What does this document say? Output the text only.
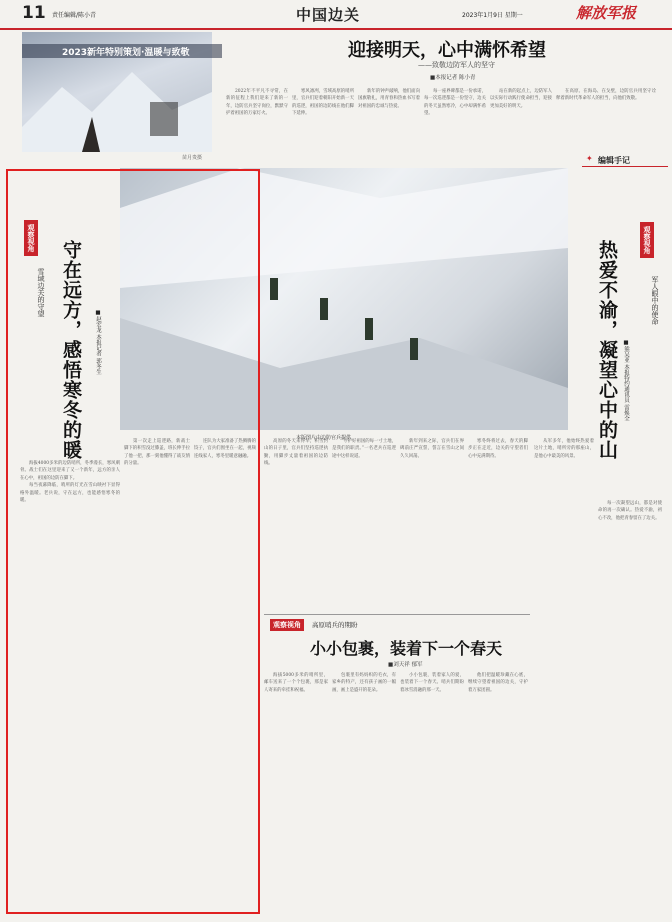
11 责任编辑/陈小青	中国边关	2023年1月9日 星期一	解放军报
2023新年特别策划·温暖与致敬
苗月贵摄
迎接明天，心中满怀希望
——致敬边防军人的坚守
■本报记者 陈小青

2022年不平凡不寻常，在新的征程上我们迎来了新的一年，边防官兵坚守岗位，默默守护着祖国的万家灯火。

寒风凛冽，雪域高原的哨所里，官兵们迎着朝阳开始新一天的巡逻，祖国的边防线在他们脚下延伸。

新年的钟声敲响，他们面向国旗敬礼，用青春和热血书写着对祖国的忠诚与热爱。

每一座界碑都是一份承诺，每一次巡逻都是一份坚守，边关的冬天虽然寒冷，心中却满怀希望。

站在新的起点上，边防军人以实际行动践行使命担当，迎接更加美好的明天。

在高原、在海岛、在戈壁，边防官兵用坚守诠释着新时代革命军人的担当，向他们致敬。

✦ 编辑手记
本版图片由边防官兵提供
观察视角
雪域边关的守望 守在远方，感悟寒冬的暖	■赵宏龙 本报记者 郭冬生

海拔4000多米的边防哨所，冬季漫长，寒风刺骨。战士们在这里迎来了又一个新年，远方的亲人在心中，祖国的边防在脚下。

每当夜幕降临，哨所的灯光在雪山映衬下显得格外温暖。老兵说，守在远方，也能感悟寒冬的暖。

第一次走上巡逻路，新战士脚下的积雪没过膝盖，班长伸手拉了他一把，那一刻他懂得了战友情的分量。

连队为大家准备了热腾腾的饺子，官兵们围坐在一起，视频连线家人，寒冬里暖意融融。

高原的冬天来得早，积雪封山的日子里，官兵们坚持巡逻执勤，用脚步丈量着祖国的边防线。

“守护好祖国的每一寸土地，是我们的职责。”一名老兵在巡逻途中这样说道。

新年到来之际，官兵们在界碑前庄严宣誓，誓言在雪山之间久久回荡。

寒冬终将过去，春天的脚步正在走近，边关的守望者们心中充满期待。

观察视角
军人眼中的使命
热爱不渝，凝望心中的山 ■熊吴亚 本报特约通讯员 雷焕全

从军多年，他始终热爱着这片土地，哨所旁的那座山，是他心中最美的风景。

每一次凝望远山，都是对使命的再一次确认。热爱不渝，初心不改，他把青春留在了边关。

观察视角	高原哨兵的期盼
小小包裹，装着下一个春天
■刘天祥 郁军

海拔5000多米的哨所里，邮车送来了一个个包裹，那是家人寄来的牵挂和祝福。

包裹里有妈妈织的毛衣，有家乡的特产，还有孩子画的一幅画，画上是盛开的花朵。

小小包裹，装着家人的爱，也装着下一个春天。哨兵们期盼着冰雪消融的那一天。

他们把温暖珍藏在心底，继续守望着祖国的边关，守护着万家团圆。
